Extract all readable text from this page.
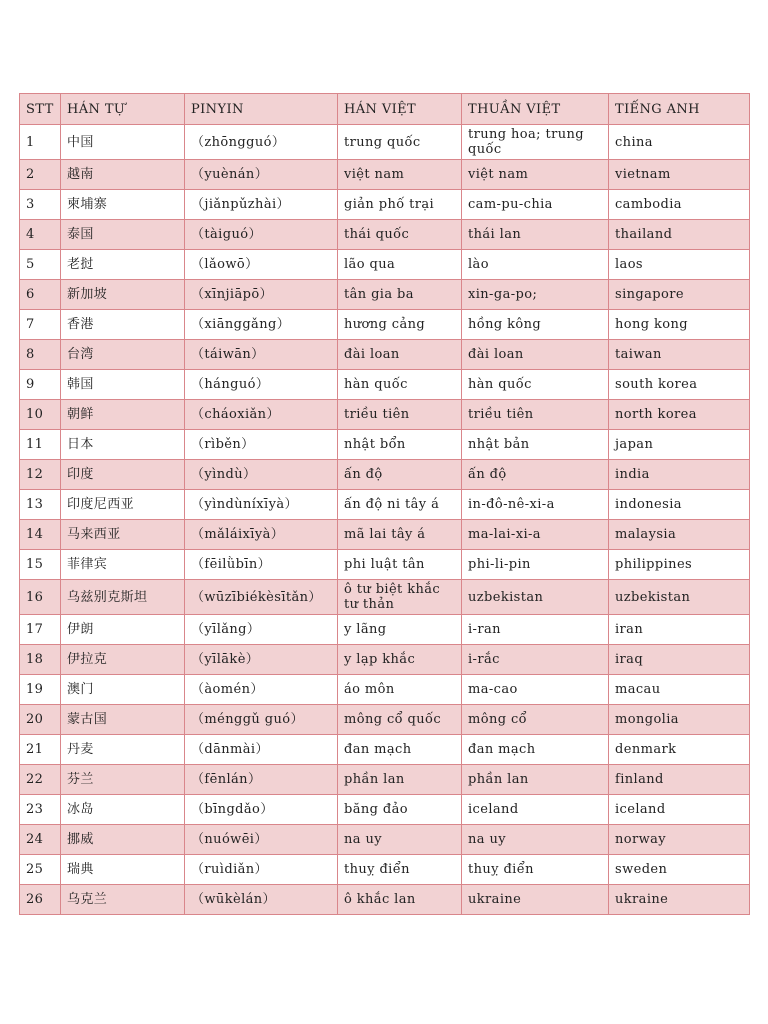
STT	HÁN TỰ	PINYIN	HÁN VIỆT	THUẦN VIỆT	TIẾNG ANH
1	中国	（zhōngguó）	trung quốc	trung hoa; trung quốc	china
2	越南	（yuènán）	việt nam	việt nam	vietnam
3	柬埔寨	（jiǎnpǔzhài）	giản phố trại	cam-pu-chia	cambodia
4	泰国	（tàiguó）	thái quốc	thái lan	thailand
5	老挝	（lǎowō）	lão qua	lào	laos
6	新加坡	（xīnjiāpō）	tân gia ba	xin-ga-po;	singapore
7	香港	（xiānggǎng）	hương cảng	hồng kông	hong kong
8	台湾	（táiwān）	đài loan	đài loan	taiwan
9	韩国	（hánguó）	hàn quốc	hàn quốc	south korea
10	朝鲜	（cháoxiǎn）	triều tiên	triều tiên	north korea
11	日本	（rìběn）	nhật bổn	nhật bản	japan
12	印度	（yìndù）	ấn độ	ấn độ	india
13	印度尼西亚	（yìndùníxīyà）	ấn độ ni tây á	in-đô-nê-xi-a	indonesia
14	马来西亚	（mǎláixīyà）	mã lai tây á	ma-lai-xi-a	malaysia
15	菲律宾	（fēilǜbīn）	phi luật tân	phi-li-pin	philippines
16	乌兹别克斯坦	（wūzībiékèsītǎn）	ô tư biệt khắc tư thản	uzbekistan	uzbekistan
17	伊朗	（yīlǎng）	y lãng	i-ran	iran
18	伊拉克	（yīlākè）	y lạp khắc	i-rắc	iraq
19	澳门	（àomén）	áo môn	ma-cao	macau
20	蒙古国	（ménggǔ guó）	mông cổ quốc	mông cổ	mongolia
21	丹麦	（dānmài）	đan mạch	đan mạch	denmark
22	芬兰	（fēnlán）	phần lan	phần lan	finland
23	冰岛	（bīngdǎo）	băng đảo	iceland	iceland
24	挪威	（nuówēi）	na uy	na uy	norway
25	瑞典	（ruìdiǎn）	thuỵ điển	thuỵ điển	sweden
26	乌克兰	（wūkèlán）	ô khắc lan	ukraine	ukraine
